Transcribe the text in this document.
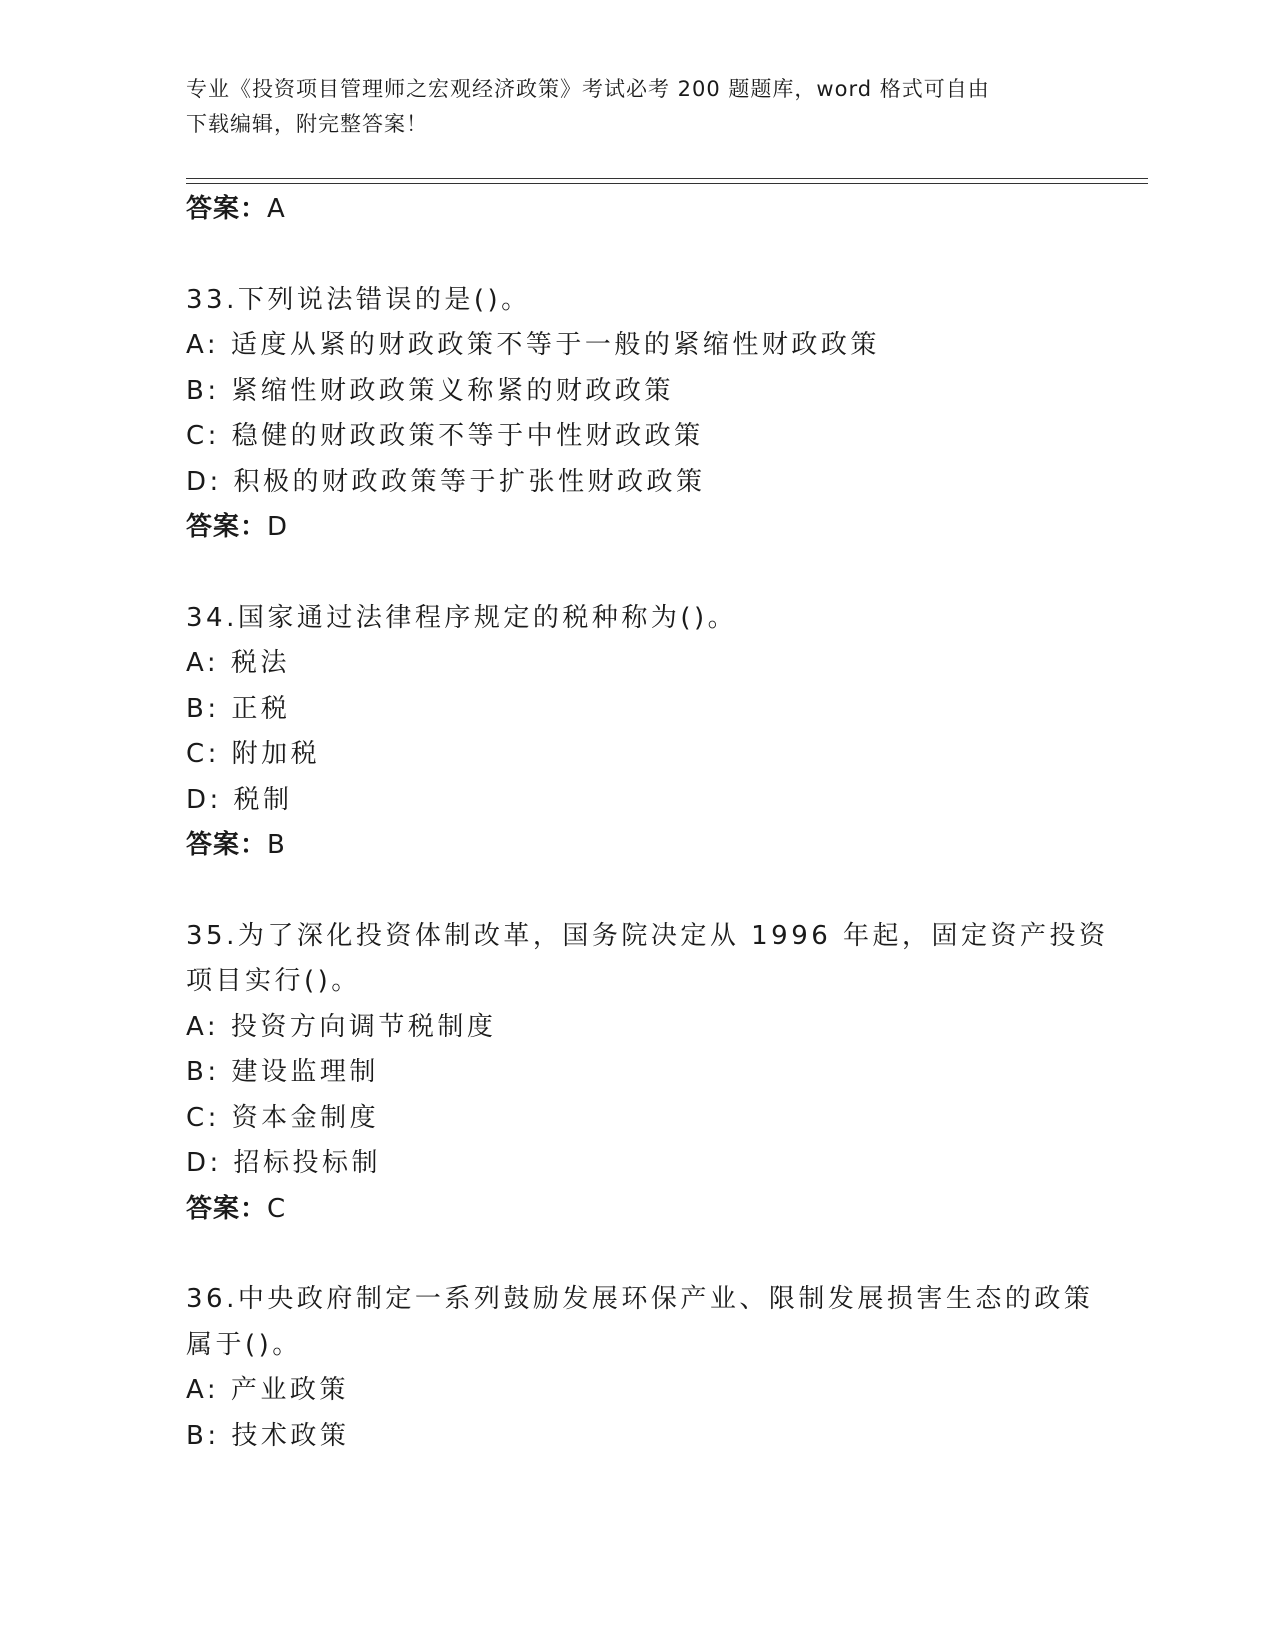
专业《投资项目管理师之宏观经济政策》考试必考 200 题题库，word 格式可自由
下载编辑，附完整答案！
答案：A
33.下列说法错误的是()。
A: 适度从紧的财政政策不等于一般的紧缩性财政政策
B: 紧缩性财政政策义称紧的财政政策
C: 稳健的财政政策不等于中性财政政策
D: 积极的财政政策等于扩张性财政政策
答案：D
34.国家通过法律程序规定的税种称为()。
A: 税法
B: 正税
C: 附加税
D: 税制
答案：B
35.为了深化投资体制改革，国务院决定从 1996 年起，固定资产投资
项目实行()。
A: 投资方向调节税制度
B: 建设监理制
C: 资本金制度
D: 招标投标制
答案：C
36.中央政府制定一系列鼓励发展环保产业、限制发展损害生态的政策
属于()。
A: 产业政策
B: 技术政策
